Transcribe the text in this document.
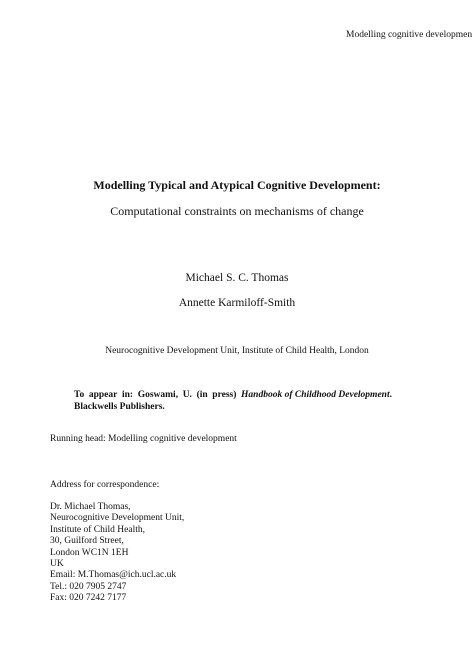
Modelling cognitive developmen
Modelling Typical and Atypical Cognitive Development:
Computational constraints on mechanisms of change
Michael S. C. Thomas
Annette Karmiloff-Smith
Neurocognitive Development Unit, Institute of Child Health, London
To appear in: Goswami, U. (in press) Handbook of Childhood Development.
Blackwells Publishers.
Running head: Modelling cognitive development
Address for correspondence:
Dr. Michael Thomas,
Neurocognitive Development Unit,
Institute of Child Health,
30, Guilford Street,
London WC1N 1EH
UK
Email: M.Thomas@ich.ucl.ac.uk
Tel.: 020 7905 2747
Fax: 020 7242 7177
